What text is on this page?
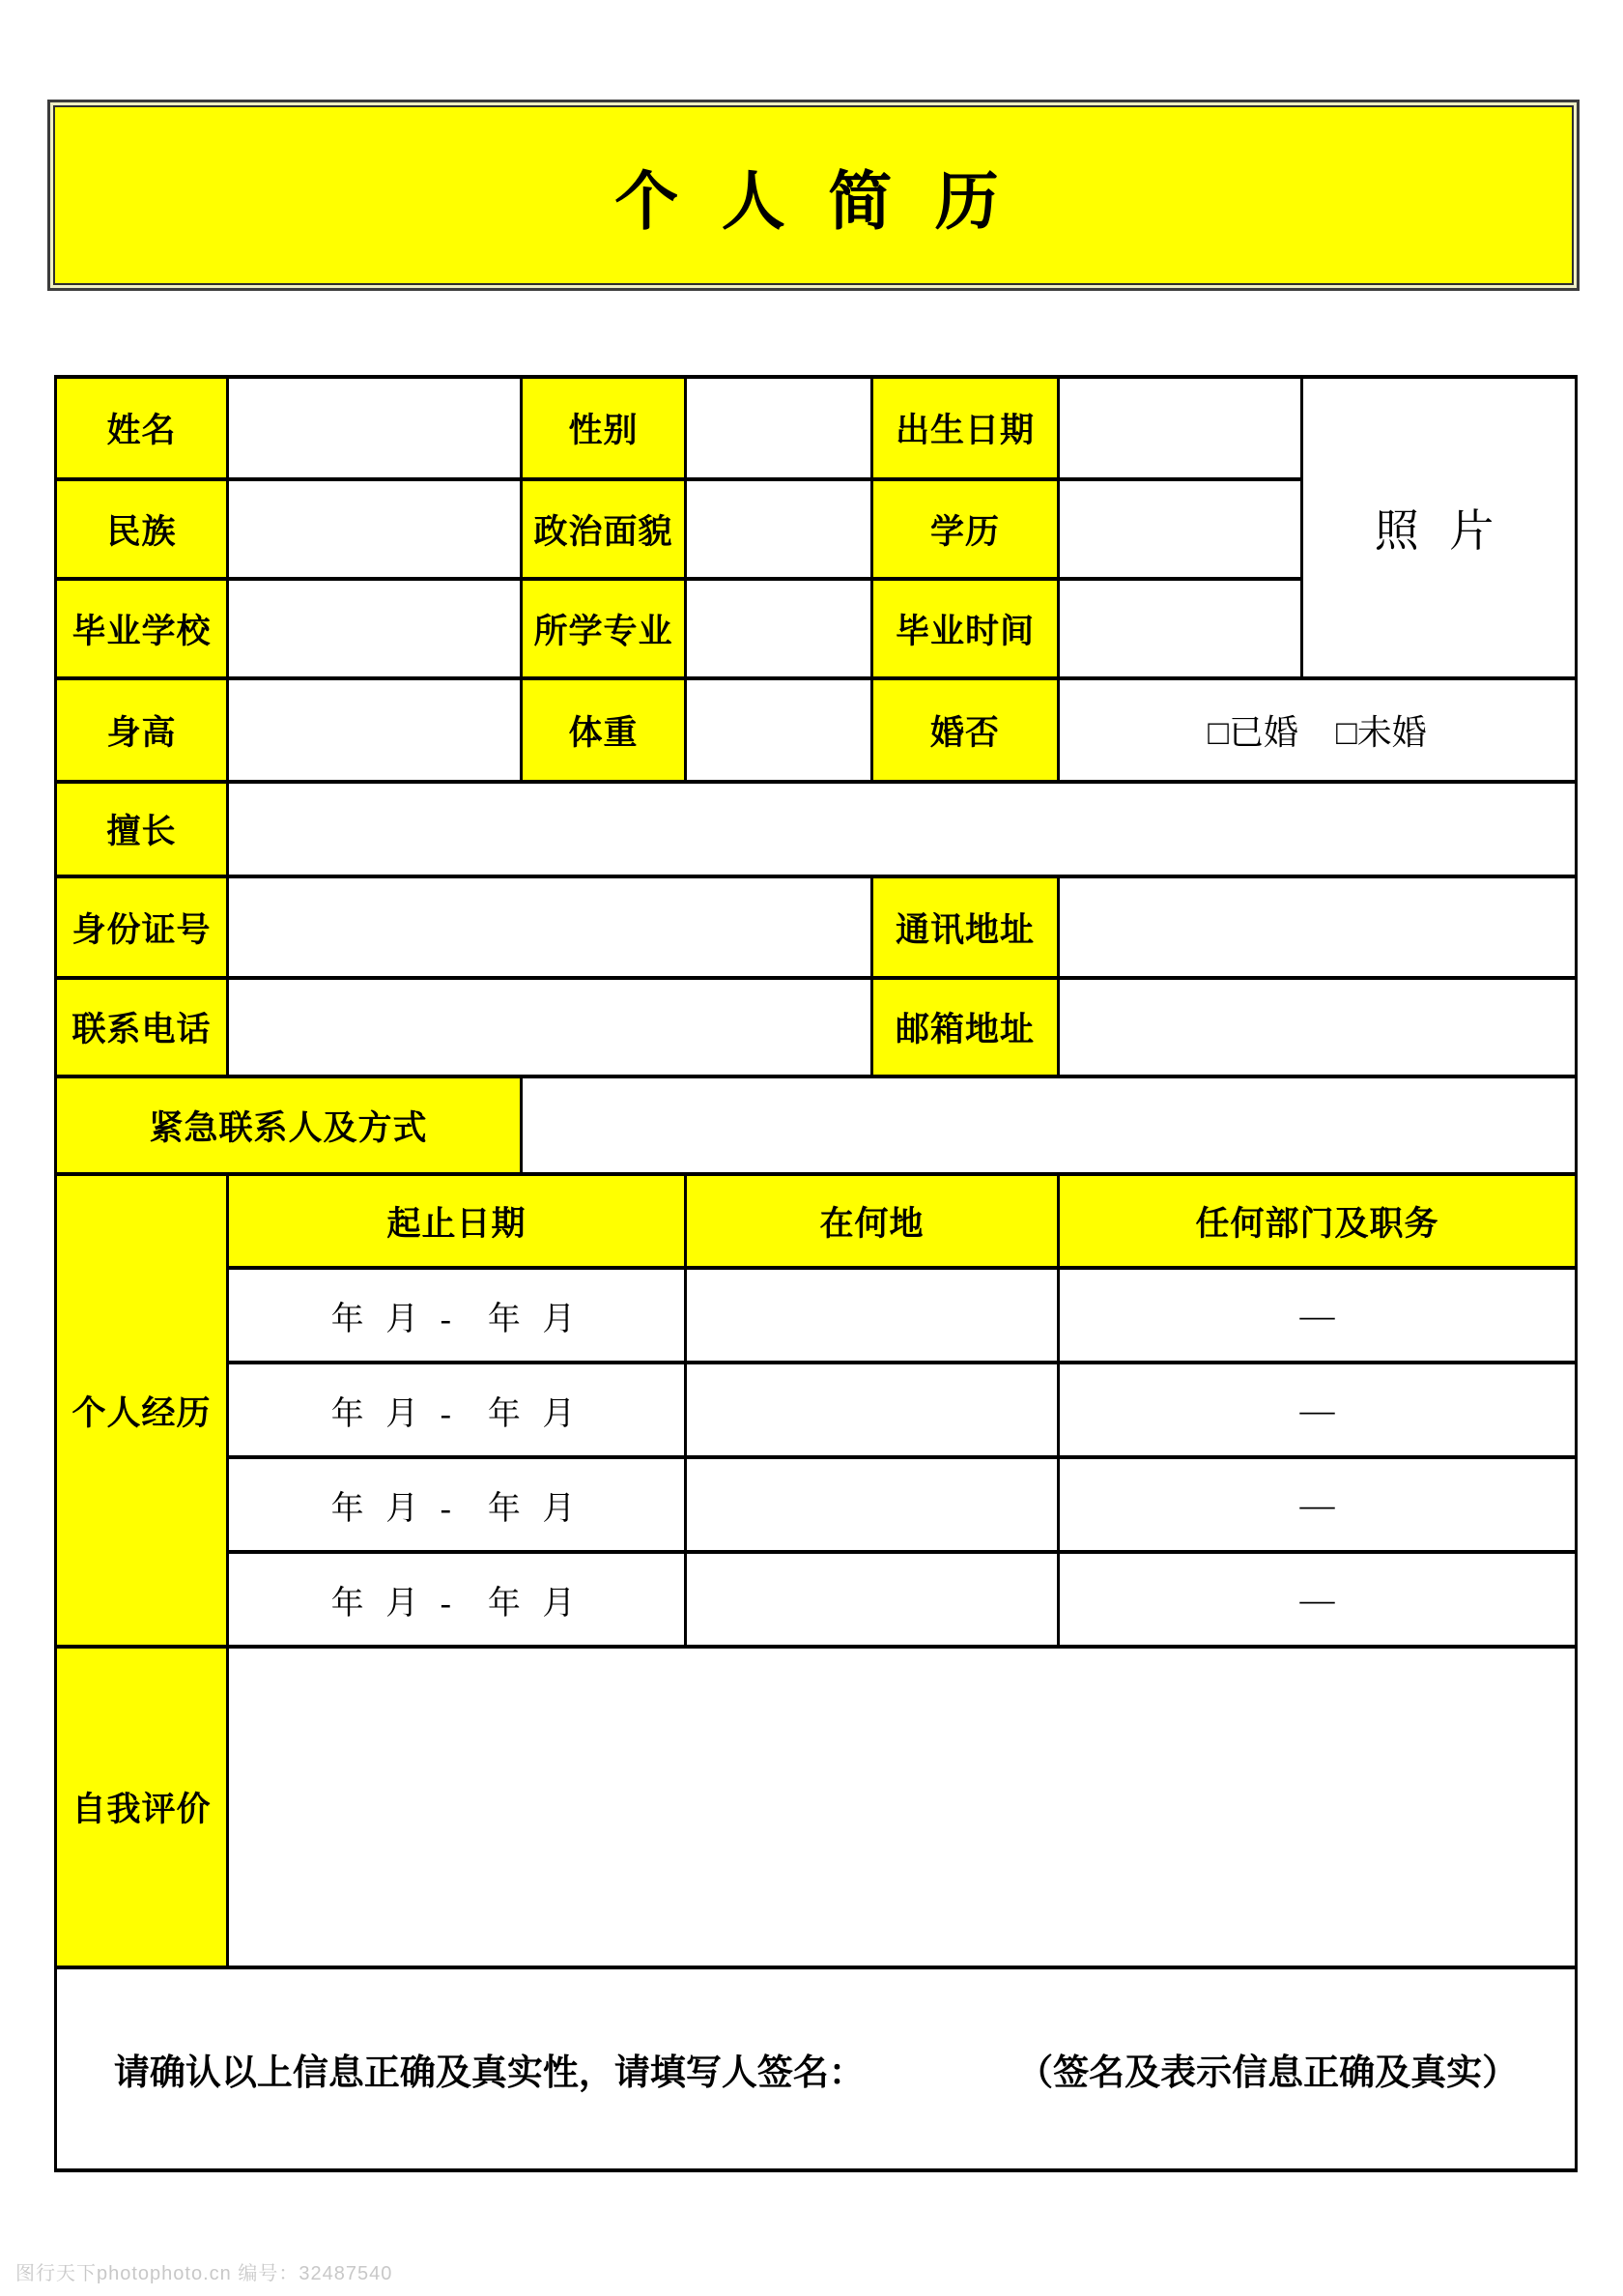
个 人 简 历
姓名		性别		出生日期		照 片
民族		政治面貌		学历		
毕业学校		所学专业		毕业时间		
身高		体重		婚否	□已婚 □未婚	
擅长						
身份证号				通讯地址		
联系电话				邮箱地址		
紧急联系人及方式						
个人经历	起止日期		在何地		任何部门及职务	
	年 月 -  年 月				—	
	年 月 -  年 月				—	
	年 月 -  年 月				—	
	年 月 -  年 月				—	
自我评价						
请确认以上信息正确及真实性，请填写人签名： （签名及表示信息正确及真实）						
图行天下photophoto.cn 编号：32487540
